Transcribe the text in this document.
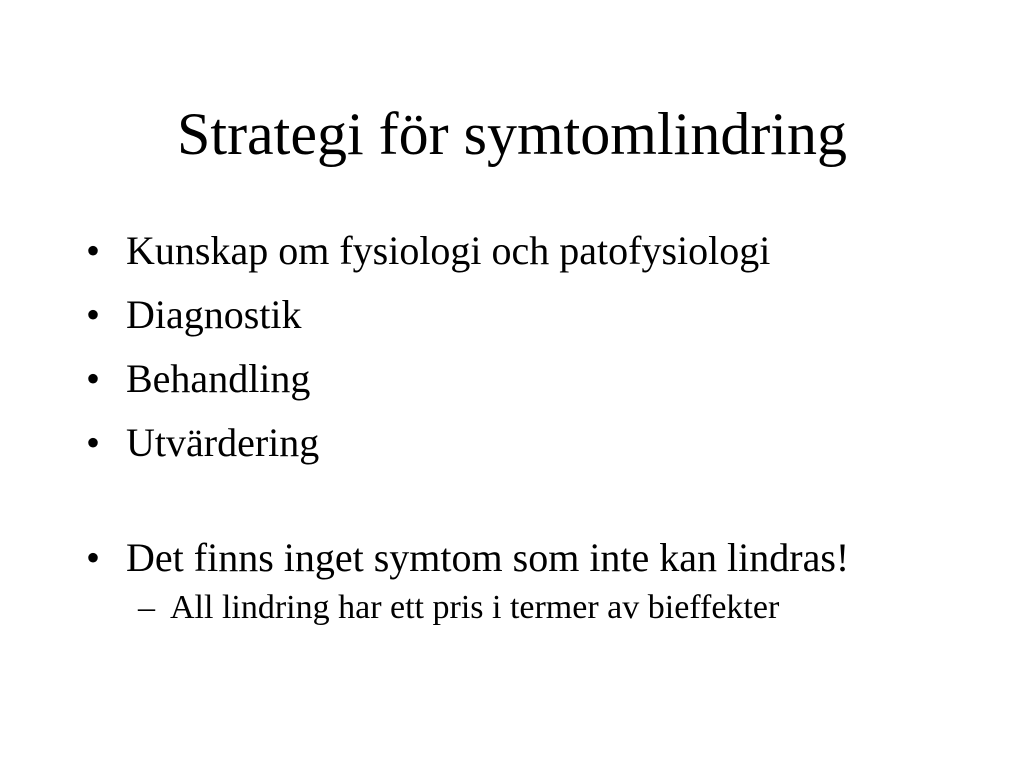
Strategi för symtomlindring
• Kunskap om fysiologi och patofysiologi
• Diagnostik
• Behandling
• Utvärdering
• Det finns inget symtom som inte kan lindras!
– All lindring har ett pris i termer av bieffekter
